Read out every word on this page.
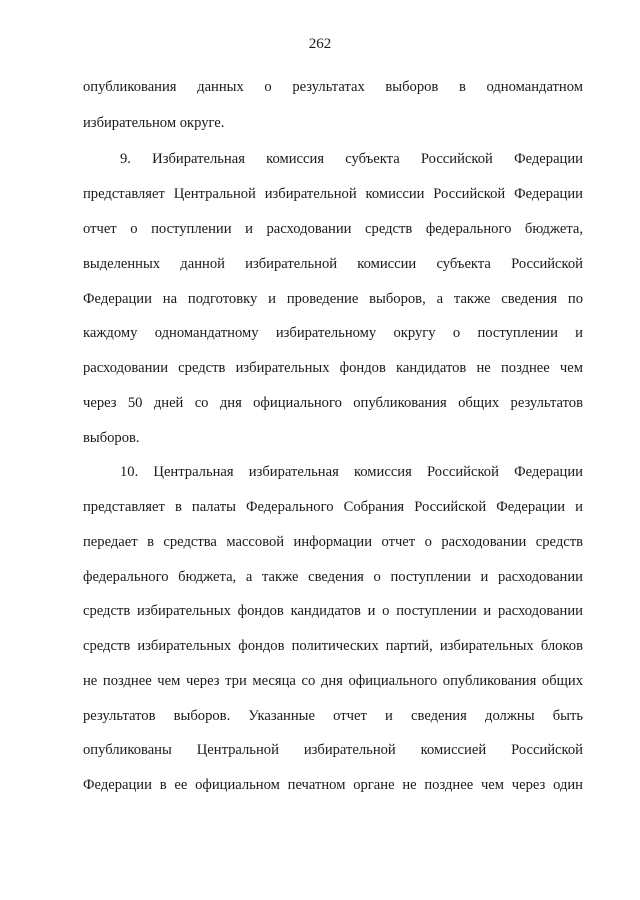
262
опубликования данных о результатах выборов в одномандатном
избирательном округе.
9. Избирательная комиссия субъекта Российской Федерации
представляет Центральной избирательной комиссии Российской Федерации
отчет о поступлении и расходовании средств федерального бюджета,
выделенных данной избирательной комиссии субъекта Российской
Федерации на подготовку и проведение выборов, а также сведения по
каждому одномандатному избирательному округу о поступлении и
расходовании средств избирательных фондов кандидатов не позднее чем
через 50 дней со дня официального опубликования общих результатов
выборов.
10. Центральная избирательная комиссия Российской Федерации
представляет в палаты Федерального Собрания Российской Федерации и
передает в средства массовой информации отчет о расходовании средств
федерального бюджета, а также сведения о поступлении и расходовании
средств избирательных фондов кандидатов и о поступлении и расходовании
средств избирательных фондов политических партий, избирательных блоков
не позднее чем через три месяца со дня официального опубликования общих
результатов выборов. Указанные отчет и сведения должны быть
опубликованы Центральной избирательной комиссией Российской
Федерации в ее официальном печатном органе не позднее чем через один
